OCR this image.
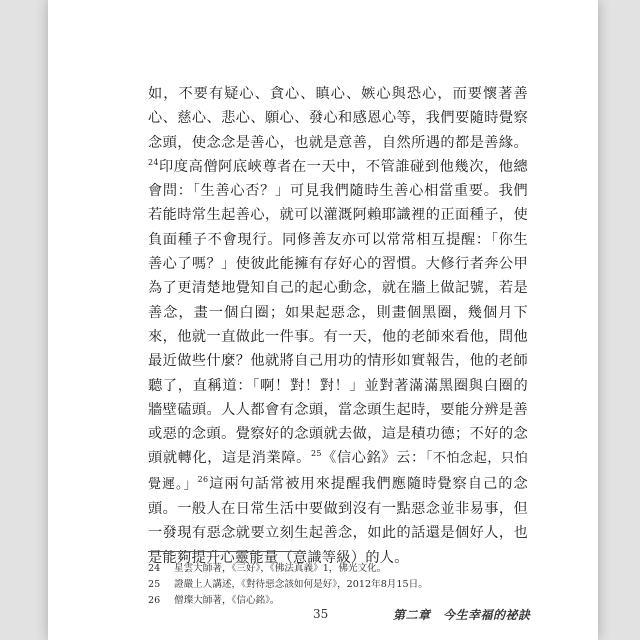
如，不要有疑心、貪心、瞋心、嫉心與恐心，而要懷著善心、慈心、悲心、願心、發心和感恩心等，我們要隨時覺察念頭，使念念是善心，也就是意善，自然所遇的都是善緣。$^{24}$印度高僧阿底峽尊者在一天中，不管誰碰到他幾次，他總會問：「生善心否？」可見我們隨時生善心相當重要。我們若能時常生起善心，就可以灌溉阿賴耶識裡的正面種子，使負面種子不會現行。同修善友亦可以常常相互提醒：「你生善心了嗎？」使彼此能擁有存好心的習慣。大修行者奔公甲為了更清楚地覺知自己的起心動念，就在牆上做記號，若是善念，畫一個白圈；如果起惡念，則畫個黑圈，幾個月下來，他就一直做此一件事。有一天，他的老師來看他，問他最近做些什麼？他就將自己用功的情形如實報告，他的老師聽了，直稱道：「啊！對！對！」並對著滿滿黑圈與白圈的牆壁磕頭。人人都會有念頭，當念頭生起時，要能分辨是善或惡的念頭。覺察好的念頭就去做，這是積功德；不好的念頭就轉化，這是消業障。$^{25}$《信心銘》云：「不怕念起，只怕覺遲。」$^{26}$這兩句話常被用來提醒我們應隨時覺察自己的念頭。一般人在日常生活中要做到沒有一點惡念並非易事，但一發現有惡念就要立刻生起善念，如此的話還是個好人，也是能夠提升心靈能量（意識等級）的人。
24 星雲大師著，《三好》，《佛法真義》1，佛光文化。
25 證嚴上人講述，《對待惡念該如何是好》，2012年8月15日。
26 僧璨大師著，《信心銘》。
35	第二章　今生幸福的祕訣
